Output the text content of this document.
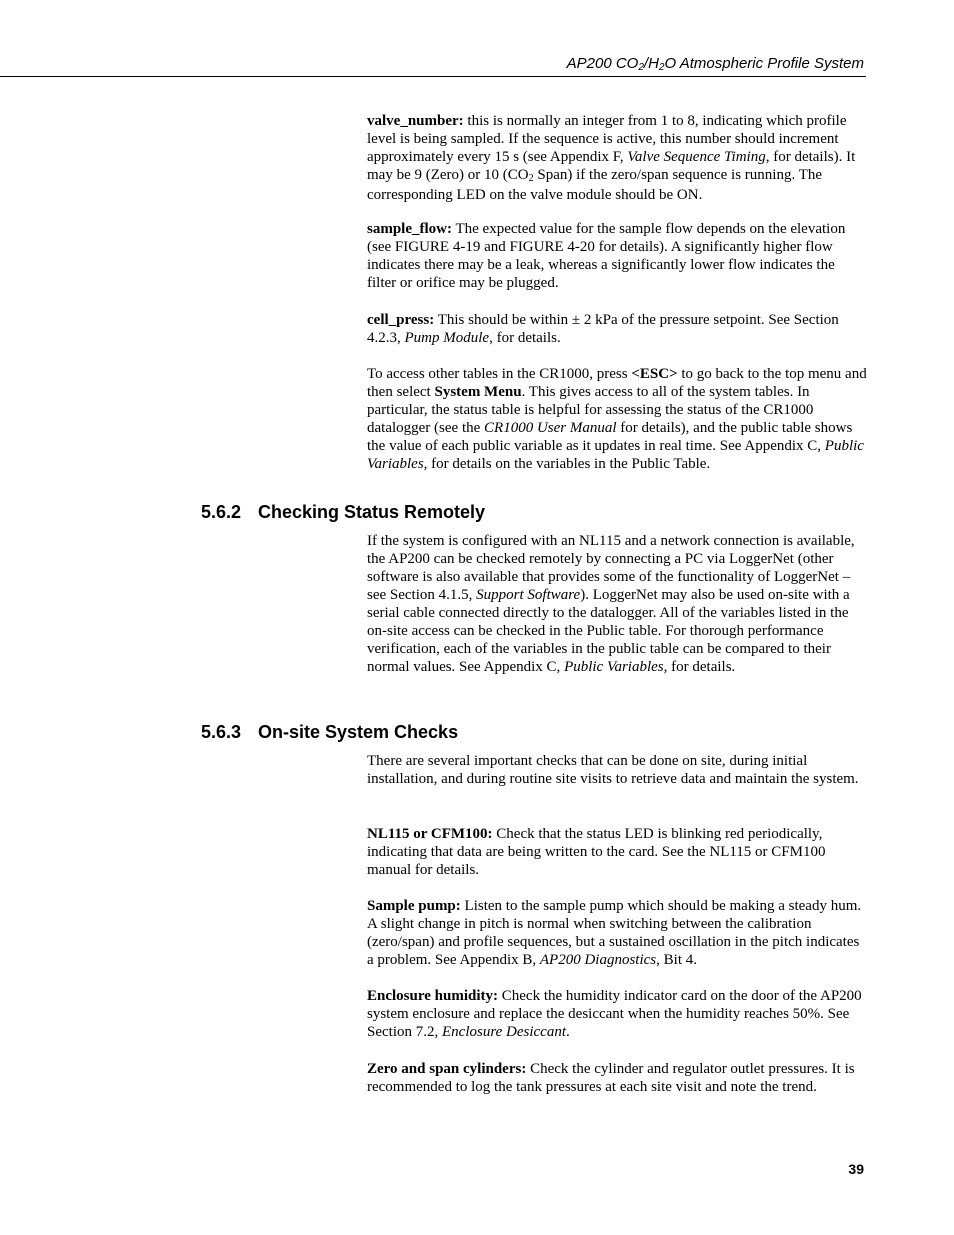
AP200 $CO_2/H_2O$ Atmospheric Profile System

valve_number: this is normally an integer from 1 to 8, indicating which profile level is being sampled. If the sequence is active, this number should increment approximately every 15 s (see Appendix F, Valve Sequence Timing, for details). It may be 9 (Zero) or 10 ($CO_2$ Span) if the zero/span sequence is running. The corresponding LED on the valve module should be ON.

sample_flow: The expected value for the sample flow depends on the elevation (see FIGURE 4-19 and FIGURE 4-20 for details). A significantly higher flow indicates there may be a leak, whereas a significantly lower flow indicates the filter or orifice may be plugged.

cell_press: This should be within ± 2 kPa of the pressure setpoint. See Section 4.2.3, Pump Module, for details.

To access other tables in the CR1000, press <ESC> to go back to the top menu and then select System Menu. This gives access to all of the system tables. In particular, the status table is helpful for assessing the status of the CR1000 datalogger (see the CR1000 User Manual for details), and the public table shows the value of each public variable as it updates in real time. See Appendix C, Public Variables, for details on the variables in the Public Table.

5.6.2 Checking Status Remotely

If the system is configured with an NL115 and a network connection is available, the AP200 can be checked remotely by connecting a PC via LoggerNet (other software is also available that provides some of the functionality of LoggerNet – see Section 4.1.5, Support Software). LoggerNet may also be used on-site with a serial cable connected directly to the datalogger. All of the variables listed in the on-site access can be checked in the Public table. For thorough performance verification, each of the variables in the public table can be compared to their normal values. See Appendix C, Public Variables, for details.

5.6.3 On-site System Checks

There are several important checks that can be done on site, during initial installation, and during routine site visits to retrieve data and maintain the system.

NL115 or CFM100: Check that the status LED is blinking red periodically, indicating that data are being written to the card. See the NL115 or CFM100 manual for details.

Sample pump: Listen to the sample pump which should be making a steady hum. A slight change in pitch is normal when switching between the calibration (zero/span) and profile sequences, but a sustained oscillation in the pitch indicates a problem. See Appendix B, AP200 Diagnostics, Bit 4.

Enclosure humidity: Check the humidity indicator card on the door of the AP200 system enclosure and replace the desiccant when the humidity reaches 50%. See Section 7.2, Enclosure Desiccant.

Zero and span cylinders: Check the cylinder and regulator outlet pressures. It is recommended to log the tank pressures at each site visit and note the trend.

39
